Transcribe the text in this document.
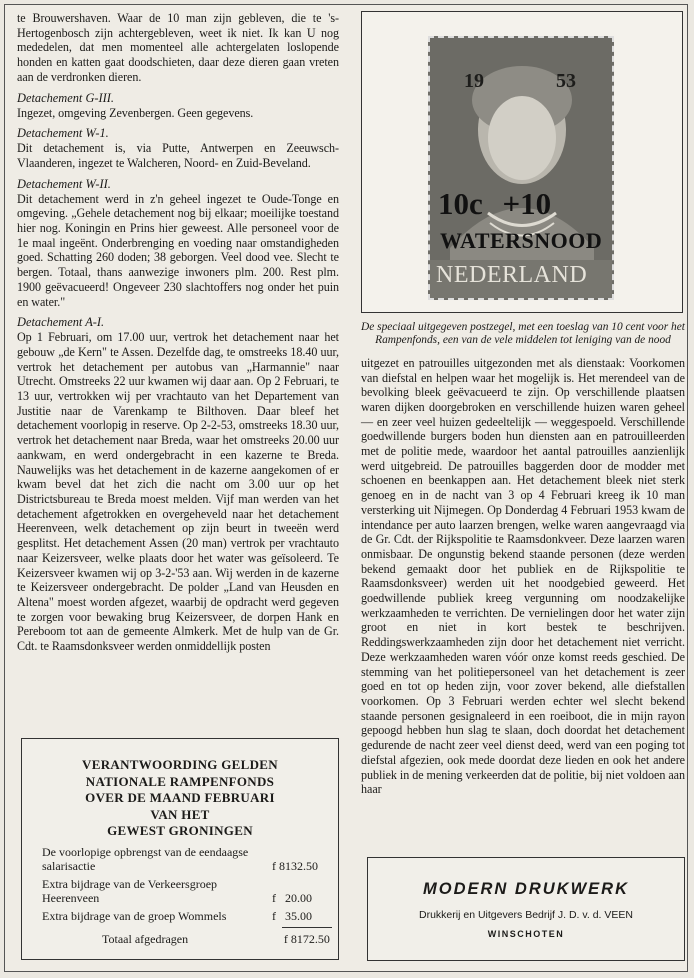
te Brouwershaven. Waar de 10 man zijn gebleven, die te 's-Hertogenbosch zijn achtergebleven, weet ik niet. Ik kan U nog mededelen, dat men momenteel alle achtergelaten loslopende honden en katten gaat doodschieten, daar deze dieren gaan vreten aan de verdronken dieren.

Detachement G-III.

Ingezet, omgeving Zevenbergen. Geen gegevens.

Detachement W-1.

Dit detachement is, via Putte, Antwerpen en Zeeuwsch-Vlaanderen, ingezet te Walcheren, Noord- en Zuid-Beveland.

Detachement W-II.

Dit detachement werd in z'n geheel ingezet te Oude-Tonge en omgeving. „Gehele detachement nog bij elkaar; moeilijke toestand hier nog. Koningin en Prins hier geweest. Alle personeel voor de 1e maal ingeënt. Onderbrenging en voeding naar omstandigheden goed. Schatting 260 doden; 38 geborgen. Veel dood vee. Slecht te bergen. Totaal, thans aanwezige inwoners plm. 200. Rest plm. 1900 geëvacueerd! Ongeveer 230 slachtoffers nog onder het puin en water."

Detachement A-I.

Op 1 Februari, om 17.00 uur, vertrok het detachement naar het gebouw „de Kern" te Assen. Dezelfde dag, te omstreeks 18.40 uur, vertrok het detachement per autobus van „Harmannie" naar Utrecht. Omstreeks 22 uur kwamen wij daar aan. Op 2 Februari, te 13 uur, vertrokken wij per vrachtauto van het Departement van Justitie naar de Varenkamp te Bilthoven. Daar bleef het detachement voorlopig in reserve. Op 2-2-53, omstreeks 18.30 uur, vertrok het detachement naar Breda, waar het omstreeks 20.00 uur aankwam, en werd ondergebracht in een kazerne te Breda. Nauwelijks was het detachement in de kazerne aangekomen of er kwam bevel dat het zich die nacht om 3.00 uur op het Districtsbureau te Breda moest melden. Vijf man werden van het detachement afgetrokken en overgeheveld naar het detachement Heerenveen, welk detachement op zijn beurt in tweeën werd gesplitst. Het detachement Assen (20 man) vertrok per vrachtauto naar Keizersveer, welke plaats door het water was geïsoleerd. Te Keizersveer kwamen wij op 3-2-'53 aan. Wij werden in de kazerne te Keizersveer ondergebracht. De polder „Land van Heusden en Altena" moest worden afgezet, waarbij de opdracht werd gegeven te zorgen voor bewaking brug Keizersveer, de dorpen Hank en Pereboom tot aan de gemeente Almkerk. Met de hulp van de Gr. Cdt. te Raamsdonksveer werden onmiddellijk posten

19	53
10c +10
WATERSNOOD
NEDERLAND

De speciaal uitgegeven postzegel, met een toeslag van 10 cent voor het Rampenfonds, een van de vele middelen tot leniging van de nood

uitgezet en patrouilles uitgezonden met als dienstaak: Voorkomen van diefstal en helpen waar het mogelijk is. Het merendeel van de bevolking bleek geëvacueerd te zijn. Op verschillende plaatsen waren dijken doorgebroken en verschillende huizen waren geheel — en zeer veel huizen gedeeltelijk — weggespoeld. Verschillende goedwillende burgers boden hun diensten aan en patrouilleerden met de politie mede, waardoor het aantal patrouilles aanzienlijk werd uitgebreid. De patrouilles baggerden door de modder met schoenen en beenkappen aan. Het detachement bleek niet sterk genoeg en in de nacht van 3 op 4 Februari kreeg ik 10 man versterking uit Nijmegen. Op Donderdag 4 Februari 1953 kwam de intendance per auto laarzen brengen, welke waren aangevraagd via de Gr. Cdt. der Rijkspolitie te Raamsdonkveer. Deze laarzen waren onmisbaar. De ongunstig bekend staande personen (deze werden bekend gemaakt door het publiek en de Rijkspolitie te Raamsdonksveer) werden uit het noodgebied geweerd. Het goedwillende publiek kreeg vergunning om noodzakelijke werkzaamheden te verrichten. De vernielingen door het water zijn groot en niet in kort bestek te beschrijven. Reddingswerkzaamheden zijn door het detachement niet verricht. Deze werkzaamheden waren vóór onze komst reeds geschied. De stemming van het politiepersoneel van het detachement is zeer goed en tot op heden zijn, voor zover bekend, alle diefstallen voorkomen. Op 3 Februari werden echter wel slecht bekend staande personen gesignaleerd in een roeiboot, die in mijn rayon gepoogd hebben hun slag te slaan, doch doordat het detachement gedurende de nacht zeer veel dienst deed, werd van een poging tot diefstal afgezien, ook mede doordat deze lieden en ook het andere publiek in de mening verkeerden dat de politie, bij niet voldoen aan haar

VERANTWOORDING GELDEN
NATIONALE RAMPENFONDS
OVER DE MAAND FEBRUARI
VAN HET
GEWEST GRONINGEN
De voorlopige opbrengst van de eendaagse salarisactie	f 8132.50
Extra bijdrage van de Verkeersgroep Heerenveen	f   20.00
Extra bijdrage van de groep Wommels	f   35.00
Totaal afgedragen	f 8172.50
MODERN DRUKWERK
Drukkerij en Uitgevers Bedrijf J. D. v. d. VEEN
WINSCHOTEN
